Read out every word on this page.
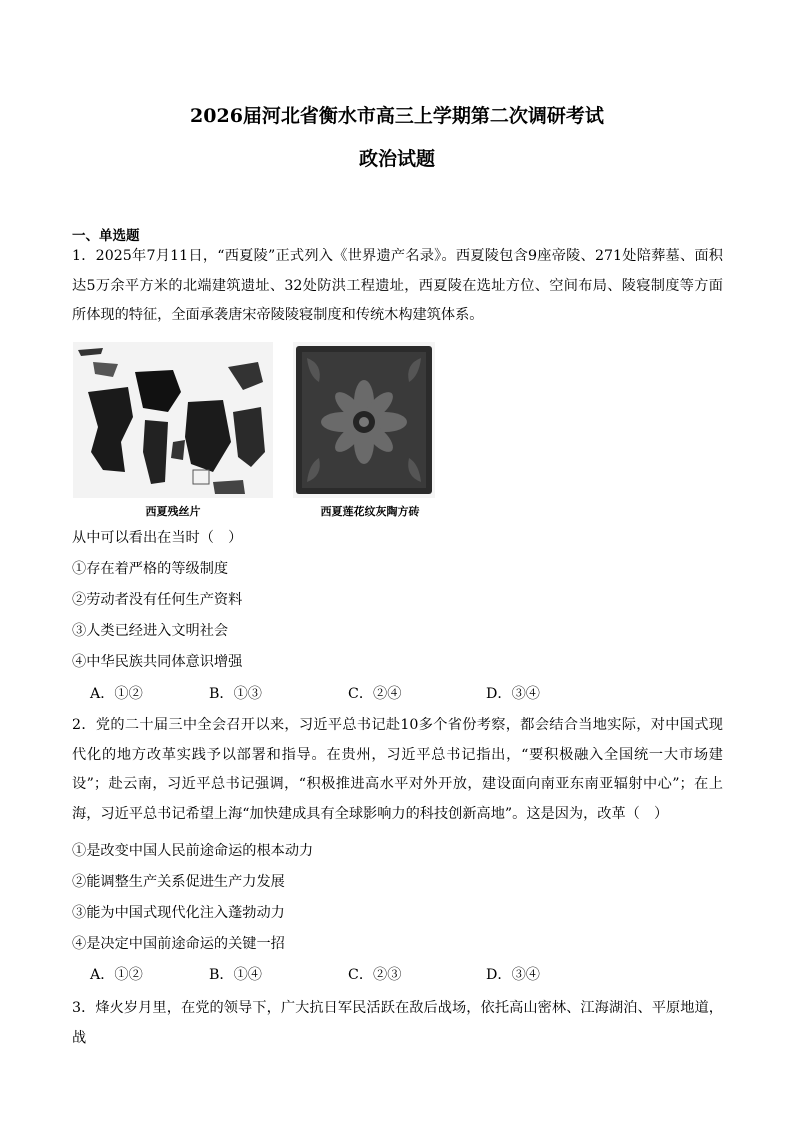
2026届河北省衡水市高三上学期第二次调研考试
政治试题
一、单选题

1．2025年7月11日，“西夏陵”正式列入《世界遗产名录》。西夏陵包含9座帝陵、271处陪葬墓、面积达5万余平方米的北端建筑遗址、32处防洪工程遗址，西夏陵在选址方位、空间布局、陵寝制度等方面所体现的特征，全面承袭唐宋帝陵陵寝制度和传统木构建筑体系。

西夏残丝片	西夏莲花纹灰陶方砖
从中可以看出在当时（　）
①存在着严格的等级制度
②劳动者没有任何生产资料
③人类已经进入文明社会
④中华民族共同体意识增强
A．①②	B．①③	C．②④	D．③④

2．党的二十届三中全会召开以来，习近平总书记赴10多个省份考察，都会结合当地实际，对中国式现代化的地方改革实践予以部署和指导。在贵州，习近平总书记指出，“要积极融入全国统一大市场建设”；赴云南，习近平总书记强调，“积极推进高水平对外开放，建设面向南亚东南亚辐射中心”；在上海，习近平总书记希望上海“加快建成具有全球影响力的科技创新高地”。这是因为，改革（　）

①是改变中国人民前途命运的根本动力
②能调整生产关系促进生产力发展
③能为中国式现代化注入蓬勃动力
④是决定中国前途命运的关键一招
A．①②	B．①④	C．②③	D．③④

3．烽火岁月里，在党的领导下，广大抗日军民活跃在敌后战场，依托高山密林、江海湖泊、平原地道，战
